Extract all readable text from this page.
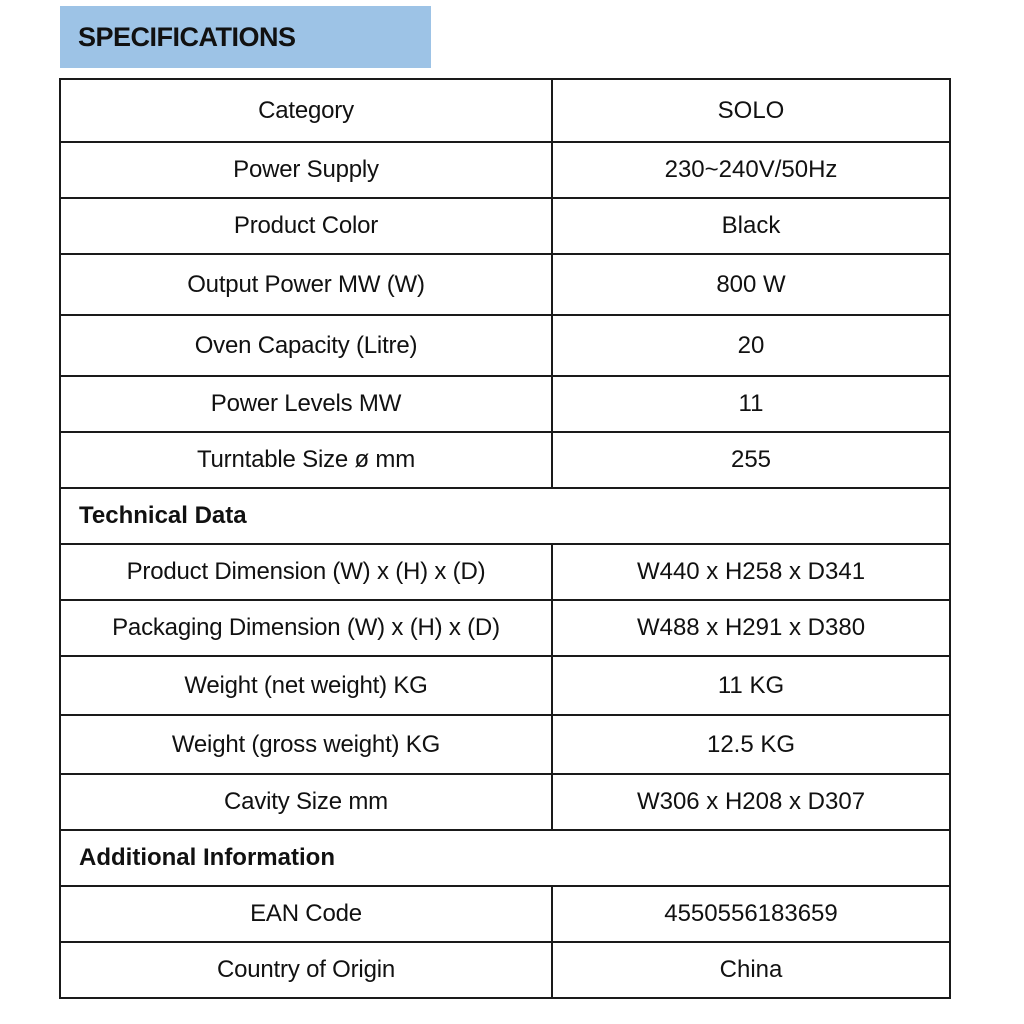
SPECIFICATIONS
Category	SOLO
Power Supply	230~240V/50Hz
Product Color	Black
Output Power MW (W)	800 W
Oven Capacity (Litre)	20
Power Levels MW	11
Turntable Size ø mm	255
Technical Data	
Product Dimension (W) x (H) x (D)	W440 x H258 x D341
Packaging Dimension (W) x (H) x (D)	W488 x H291 x D380
Weight (net weight) KG	11 KG
Weight (gross weight) KG	12.5 KG
Cavity Size mm	W306 x H208 x D307
Additional Information	
EAN Code	4550556183659
Country of Origin	China
